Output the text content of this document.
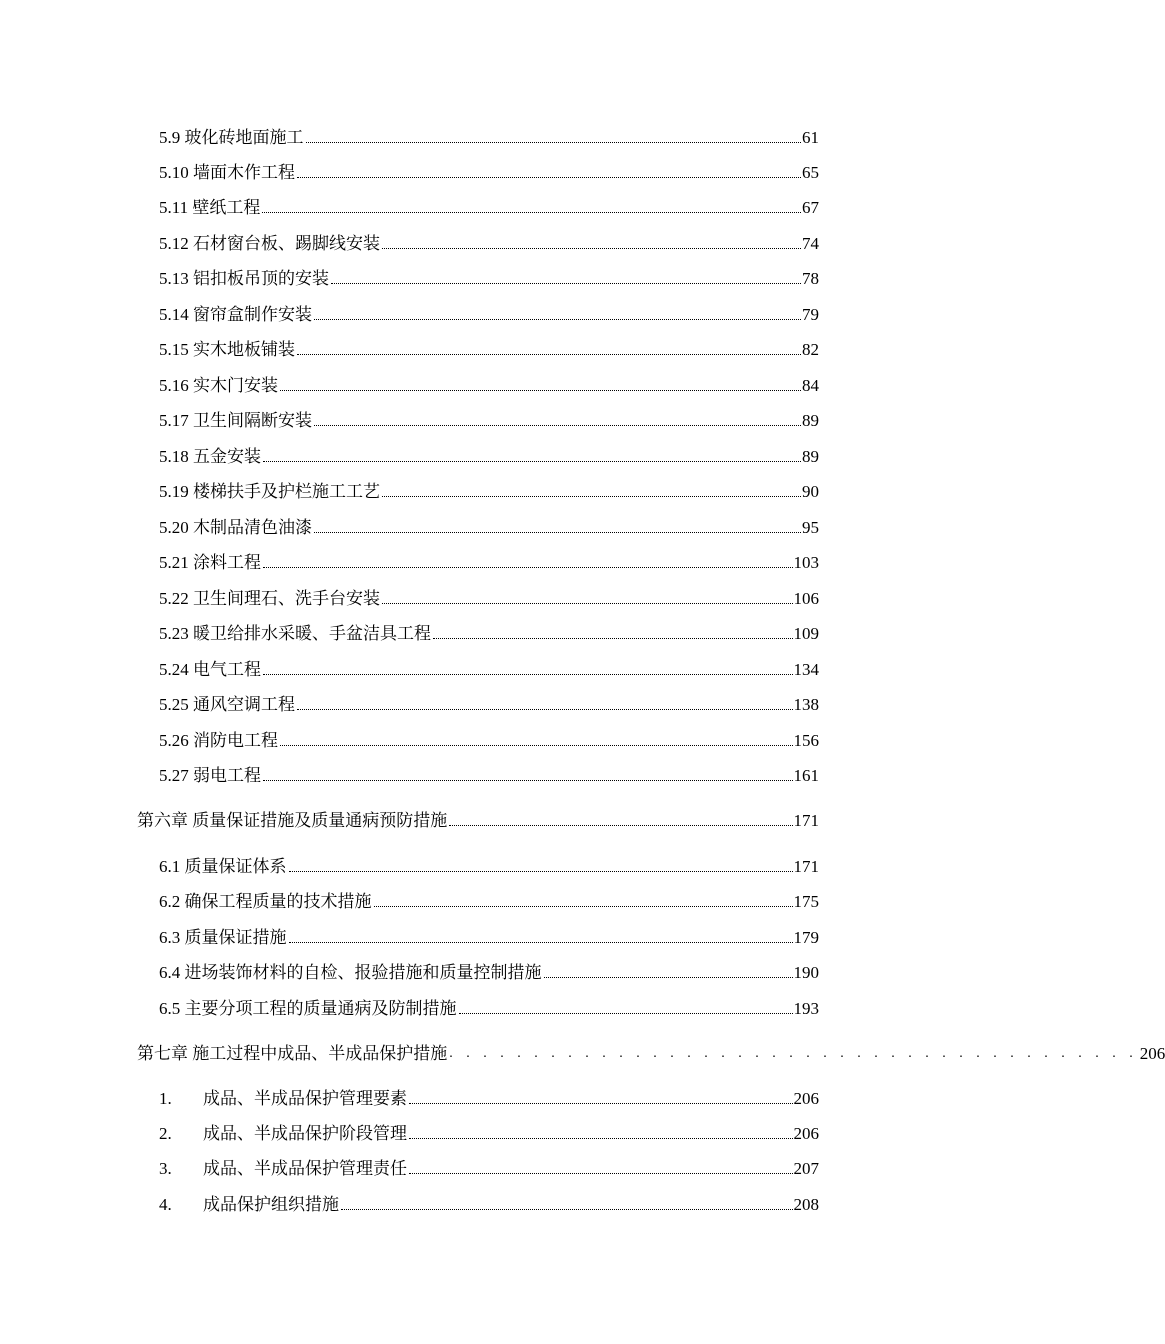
5.9 玻化砖地面施工	61
5.10 墙面木作工程	65
5.11 壁纸工程	67
5.12 石材窗台板、踢脚线安装	74
5.13 铝扣板吊顶的安装	78
5.14 窗帘盒制作安装	79
5.15 实木地板铺装	82
5.16 实木门安装	84
5.17 卫生间隔断安装	89
5.18 五金安装	89
5.19 楼梯扶手及护栏施工工艺	90
5.20 木制品清色油漆	95
5.21 涂料工程	103
5.22 卫生间理石、洗手台安装	106
5.23 暖卫给排水采暖、手盆洁具工程	109
5.24 电气工程	134
5.25 通风空调工程	138
5.26 消防电工程	156
5.27 弱电工程	161
第六章 质量保证措施及质量通病预防措施	171
6.1 质量保证体系	171
6.2 确保工程质量的技术措施	175
6.3 质量保证措施	179
6.4 进场装饰材料的自检、报验措施和质量控制措施	190
6.5 主要分项工程的质量通病及防制措施	193
第七章 施工过程中成品、半成品保护措施 . . . . . . . . . . . . . . . . . . . . . . . . . . . . . . . . . . . . . . . . . 206
1.	成品、半成品保护管理要素	206
2.	成品、半成品保护阶段管理	206
3.	成品、半成品保护管理责任	207
4.	成品保护组织措施	208
